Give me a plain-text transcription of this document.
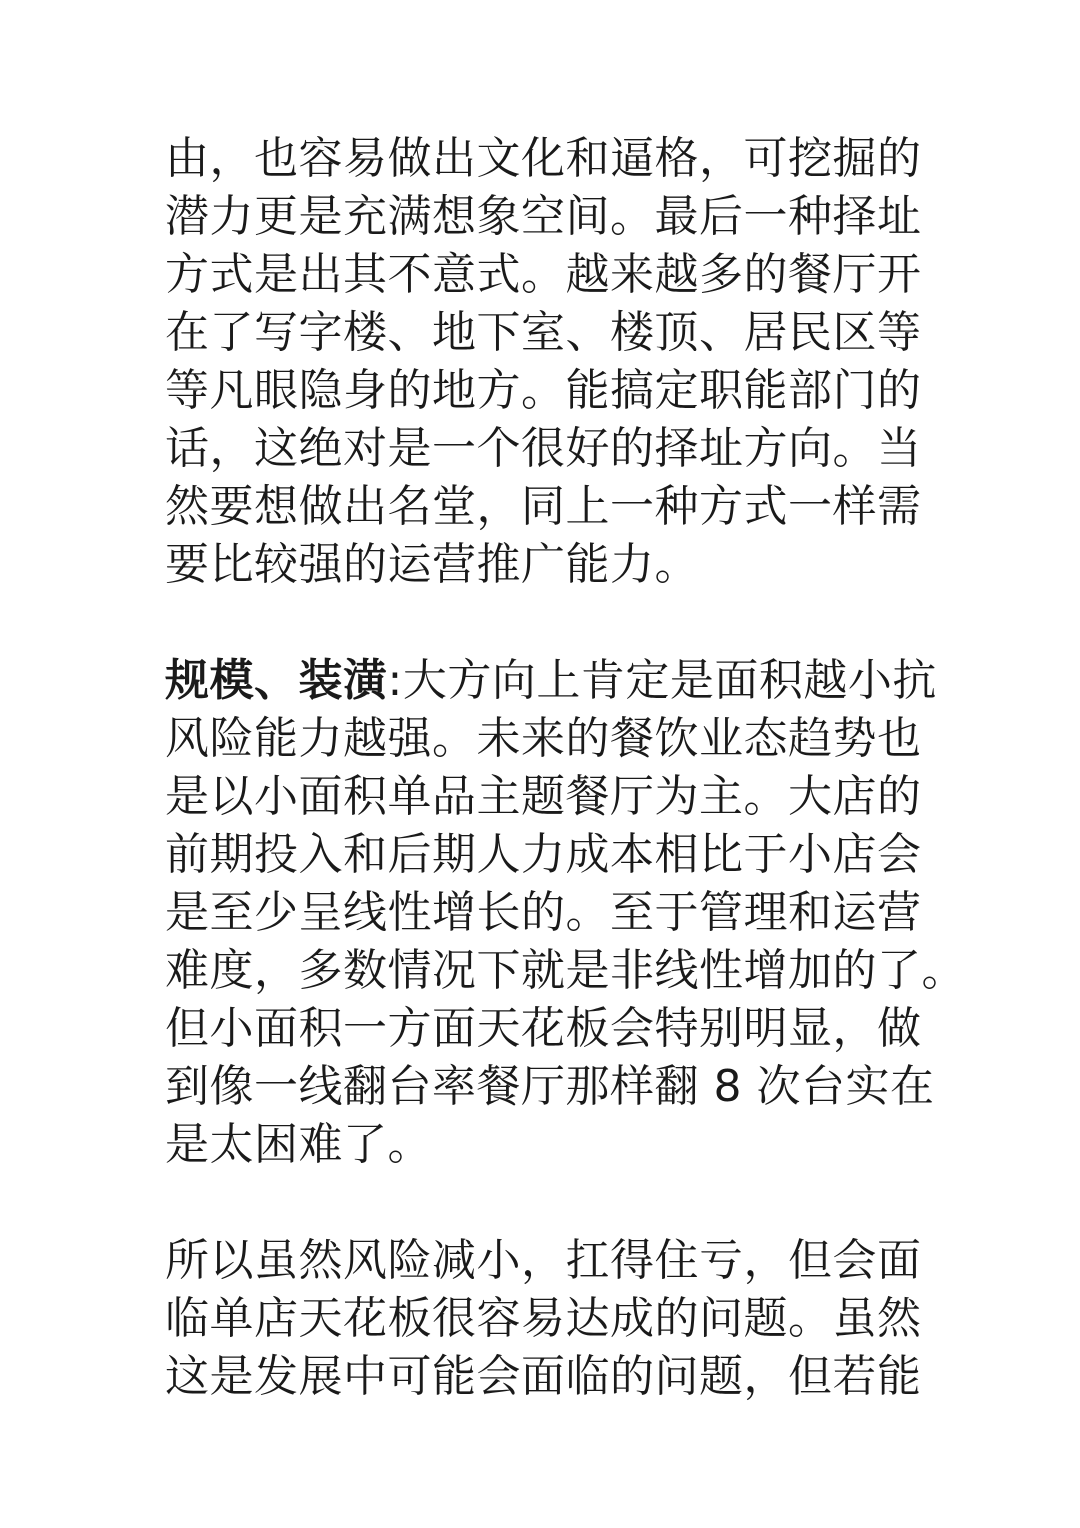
由，也容易做出文化和逼格，可挖掘的
潜力更是充满想象空间。最后一种择址
方式是出其不意式。越来越多的餐厅开
在了写字楼、地下室、楼顶、居民区等
等凡眼隐身的地方。能搞定职能部门的
话，这绝对是一个很好的择址方向。当
然要想做出名堂，同上一种方式一样需
要比较强的运营推广能力。
规模、装潢:大方向上肯定是面积越小抗
风险能力越强。未来的餐饮业态趋势也
是以小面积单品主题餐厅为主。大店的
前期投入和后期人力成本相比于小店会
是至少呈线性增长的。至于管理和运营
难度，多数情况下就是非线性增加的了。
但小面积一方面天花板会特别明显，做
到像一线翻台率餐厅那样翻 8 次台实在
是太困难了。
所以虽然风险减小，扛得住亏，但会面
临单店天花板很容易达成的问题。虽然
这是发展中可能会面临的问题，但若能
